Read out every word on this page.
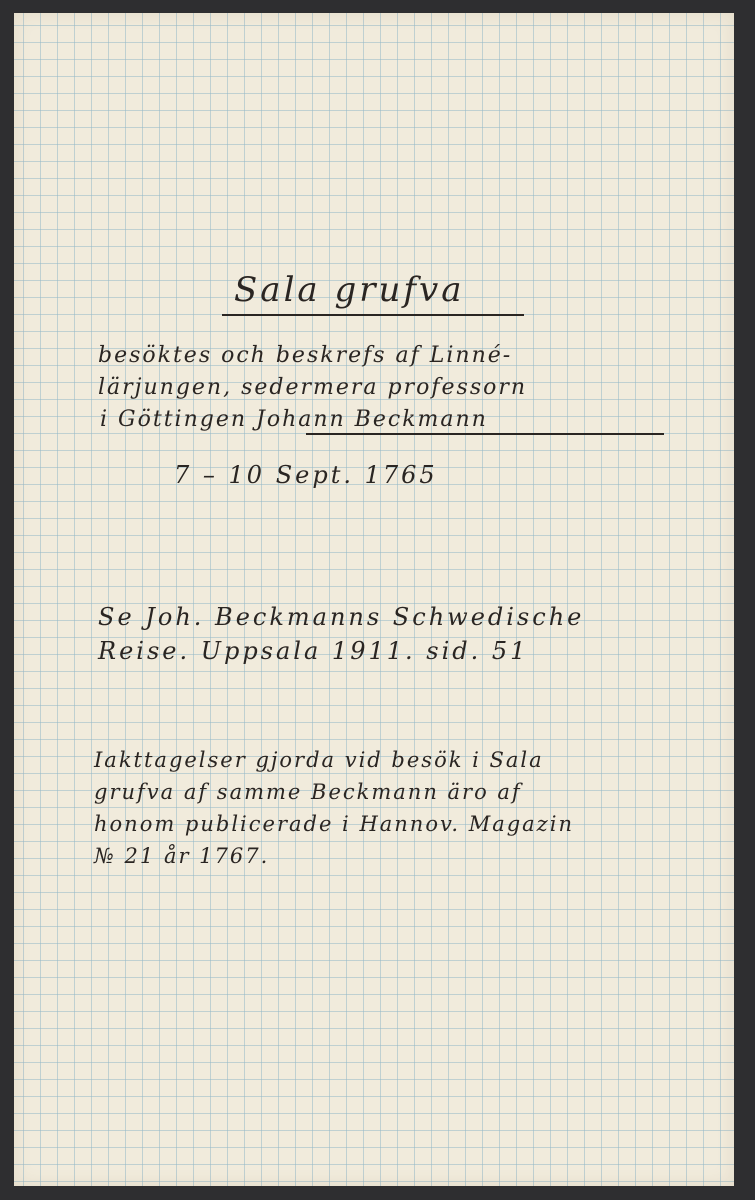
Sala grufva

besöktes och beskrefs af Linné-

lärjungen, sedermera professorn

i Göttingen Johann Beckmann

7 – 10 Sept. 1765

Se Joh. Beckmanns Schwedische

Reise. Uppsala 1911. sid. 51

Iakttagelser gjorda vid besök i Sala

grufva af samme Beckmann äro af

honom publicerade i Hannov. Magazin

№ 21 år 1767.
